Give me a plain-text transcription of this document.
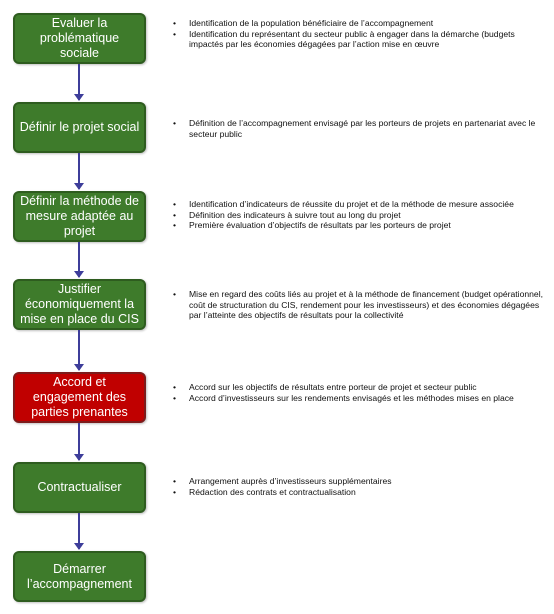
Evaluer la problématique sociale
Définir le projet social
Définir la méthode de mesure adaptée au projet
Justifier économiquement la mise en place du CIS
Accord et engagement des parties prenantes
Contractualiser
Démarrer l’accompagnement
• Identification de la population bénéficiaire de l’accompagnement
• Identification du représentant du secteur public à engager dans la démarche (budgets impactés par les économies dégagées par l’action mise en œuvre
• Définition de l’accompagnement envisagé par les porteurs de projets en partenariat avec le secteur public
• Identification d’indicateurs de réussite du projet et de la méthode de mesure associée
• Définition des indicateurs à suivre tout au long du projet
• Première évaluation d’objectifs de résultats par les porteurs de projet
• Mise en regard des coûts liés au projet et à la méthode de financement (budget opérationnel, coût de structuration du CIS, rendement pour les investisseurs) et des économies dégagées par l’atteinte des objectifs de résultats pour la collectivité
• Accord sur les objectifs de résultats entre porteur de projet et secteur public
• Accord d’investisseurs sur les rendements envisagés et les méthodes mises en place
• Arrangement auprès d’investisseurs supplémentaires
• Rédaction des contrats et contractualisation
